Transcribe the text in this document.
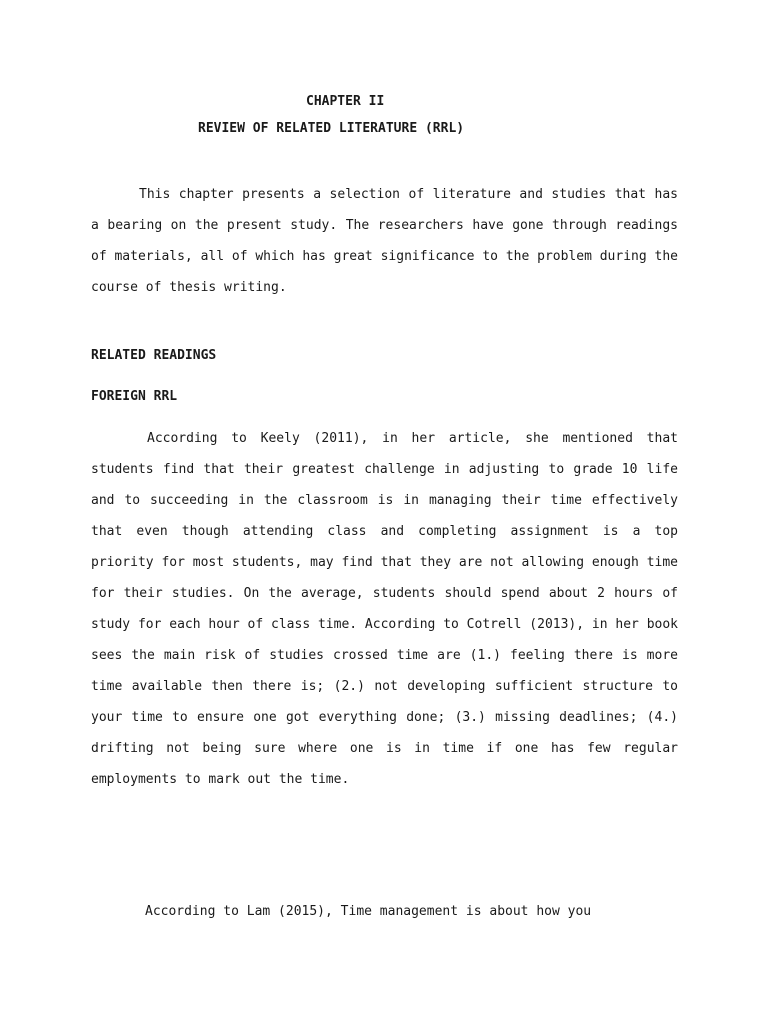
CHAPTER II
REVIEW OF RELATED LITERATURE (RRL)

This chapter presents a selection of literature and studies that has a bearing on the present study. The researchers have gone through readings of materials, all of which has great significance to the problem during the course of thesis writing.

RELATED READINGS
FOREIGN RRL

According to Keely (2011), in her article, she mentioned that students find that their greatest challenge in adjusting to grade 10 life and to succeeding in the classroom is in managing their time effectively that even though attending class and completing assignment is a top priority for most students, may find that they are not allowing enough time for their studies. On the average, students should spend about 2 hours of study for each hour of class time. According to Cotrell (2013), in her book sees the main risk of studies crossed time are (1.) feeling there is more time available then there is; (2.) not developing sufficient structure to your time to ensure one got everything done; (3.) missing deadlines; (4.) drifting not being sure where one is in time if one has few regular employments to mark out the time.

According to Lam (2015), Time management is about how you
